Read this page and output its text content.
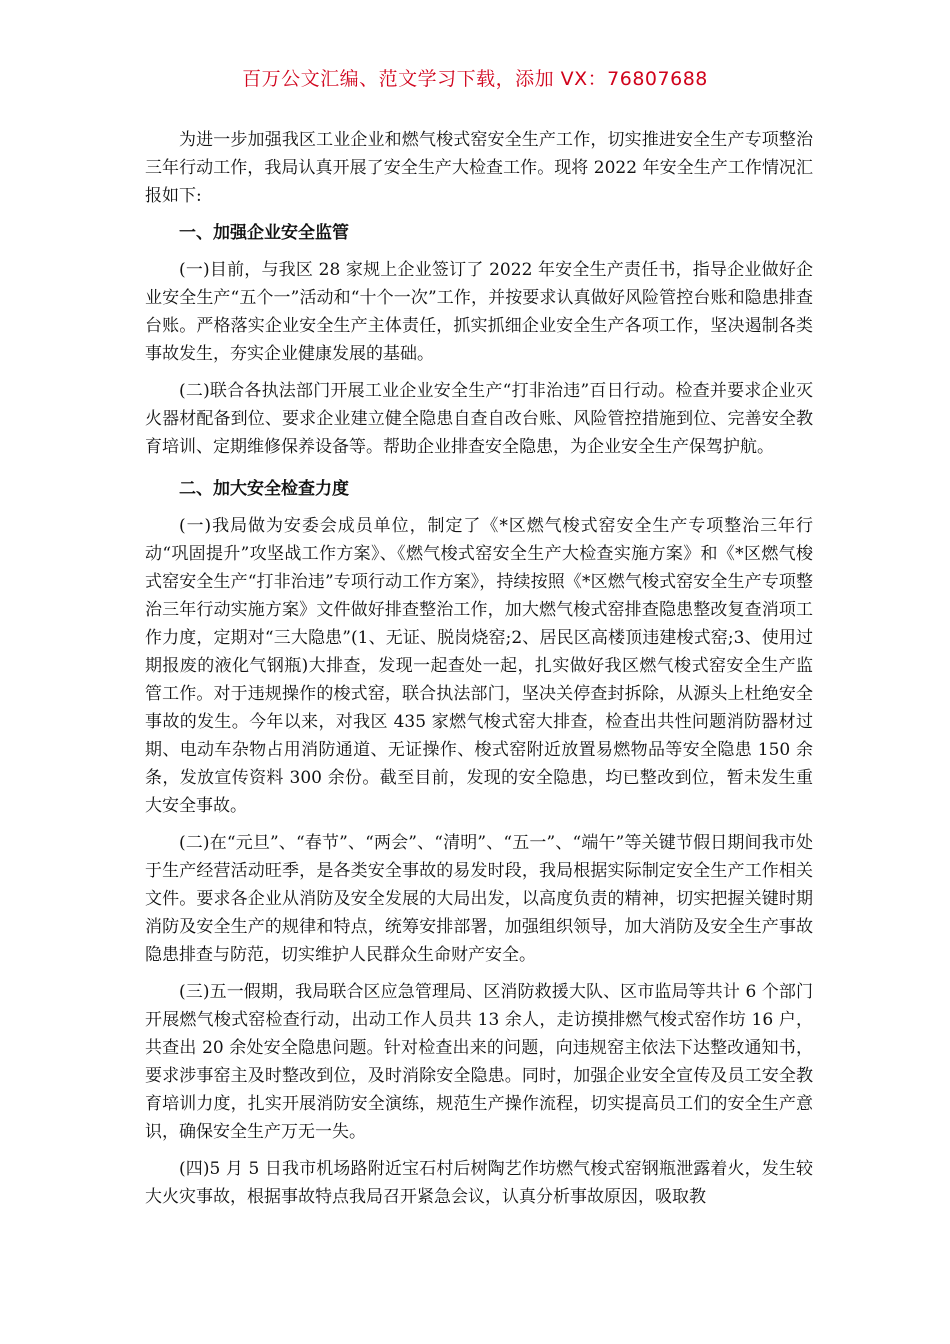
百万公文汇编、范文学习下载，添加 VX：76807688

为进一步加强我区工业企业和燃气梭式窑安全生产工作，切实推进安全生产专项整治三年行动工作，我局认真开展了安全生产大检查工作。现将 2022 年安全生产工作情况汇报如下:

一、加强企业安全监管

(一)目前，与我区 28 家规上企业签订了 2022 年安全生产责任书，指导企业做好企业安全生产“五个一”活动和“十个一次”工作，并按要求认真做好风险管控台账和隐患排查台账。严格落实企业安全生产主体责任，抓实抓细企业安全生产各项工作，坚决遏制各类事故发生，夯实企业健康发展的基础。

(二)联合各执法部门开展工业企业安全生产“打非治违”百日行动。检查并要求企业灭火器材配备到位、要求企业建立健全隐患自查自改台账、风险管控措施到位、完善安全教育培训、定期维修保养设备等。帮助企业排查安全隐患，为企业安全生产保驾护航。

二、加大安全检查力度

(一)我局做为安委会成员单位，制定了《*区燃气梭式窑安全生产专项整治三年行动“巩固提升”攻坚战工作方案》、《燃气梭式窑安全生产大检查实施方案》和《*区燃气梭式窑安全生产“打非治违”专项行动工作方案》，持续按照《*区燃气梭式窑安全生产专项整治三年行动实施方案》文件做好排查整治工作，加大燃气梭式窑排查隐患整改复查消项工作力度，定期对“三大隐患”(1、无证、脱岗烧窑;2、居民区高楼顶违建梭式窑;3、使用过期报废的液化气钢瓶)大排查，发现一起查处一起，扎实做好我区燃气梭式窑安全生产监管工作。对于违规操作的梭式窑，联合执法部门，坚决关停查封拆除，从源头上杜绝安全事故的发生。今年以来，对我区 435 家燃气梭式窑大排查，检查出共性问题消防器材过期、电动车杂物占用消防通道、无证操作、梭式窑附近放置易燃物品等安全隐患 150 余条，发放宣传资料 300 余份。截至目前，发现的安全隐患，均已整改到位，暂未发生重大安全事故。

(二)在“元旦”、“春节”、“两会”、“清明”、“五一”、“端午”等关键节假日期间我市处于生产经营活动旺季，是各类安全事故的易发时段，我局根据实际制定安全生产工作相关文件。要求各企业从消防及安全发展的大局出发，以高度负责的精神，切实把握关键时期消防及安全生产的规律和特点，统筹安排部署，加强组织领导，加大消防及安全生产事故隐患排查与防范，切实维护人民群众生命财产安全。

(三)五一假期，我局联合区应急管理局、区消防救援大队、区市监局等共计 6 个部门开展燃气梭式窑检查行动，出动工作人员共 13 余人，走访摸排燃气梭式窑作坊 16 户，共查出 20 余处安全隐患问题。针对检查出来的问题，向违规窑主依法下达整改通知书，要求涉事窑主及时整改到位，及时消除安全隐患。同时，加强企业安全宣传及员工安全教育培训力度，扎实开展消防安全演练，规范生产操作流程，切实提高员工们的安全生产意识，确保安全生产万无一失。

(四)5 月 5 日我市机场路附近宝石村后树陶艺作坊燃气梭式窑钢瓶泄露着火，发生较大火灾事故，根据事故特点我局召开紧急会议，认真分析事故原因，吸取教
